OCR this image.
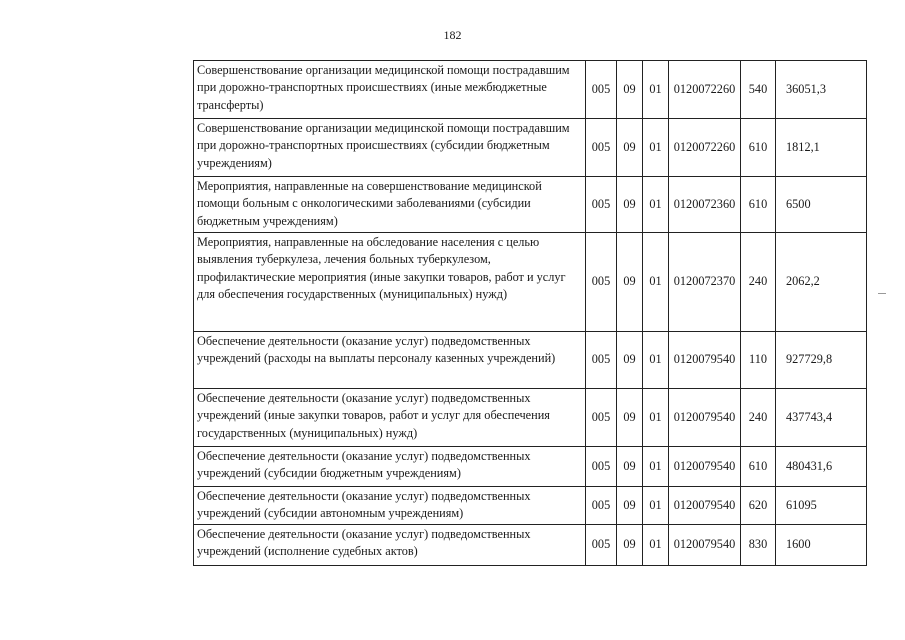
182
Совершенствование организации медицинской помощи пострадавшим при дорожно-транспортных происшествиях (иные межбюджетные трансферты)	005	09	01	0120072260	540	36051,3
Совершенствование организации медицинской помощи пострадавшим при дорожно-транспортных происшествиях (субсидии бюджетным учреждениям)	005	09	01	0120072260	610	1812,1
Мероприятия, направленные на совершенствование медицинской помощи больным с онкологическими заболеваниями (субсидии бюджетным учреждениям)	005	09	01	0120072360	610	6500
Мероприятия, направленные на обследование населения с целью выявления туберкулеза, лечения больных туберкулезом, профилактические мероприятия (иные закупки товаров, работ и услуг для обеспечения государственных (муниципальных) нужд)	005	09	01	0120072370	240	2062,2
Обеспечение деятельности (оказание услуг) подведомственных учреждений (расходы на выплаты персоналу казенных учреждений)	005	09	01	0120079540	110	927729,8
Обеспечение деятельности (оказание услуг) подведомственных учреждений (иные закупки товаров, работ и услуг для обеспечения государственных (муниципальных) нужд)	005	09	01	0120079540	240	437743,4
Обеспечение деятельности (оказание услуг) подведомственных учреждений (субсидии бюджетным учреждениям)	005	09	01	0120079540	610	480431,6
Обеспечение деятельности (оказание услуг) подведомственных учреждений (субсидии автономным учреждениям)	005	09	01	0120079540	620	61095
Обеспечение деятельности (оказание услуг) подведомственных учреждений (исполнение судебных актов)	005	09	01	0120079540	830	1600
